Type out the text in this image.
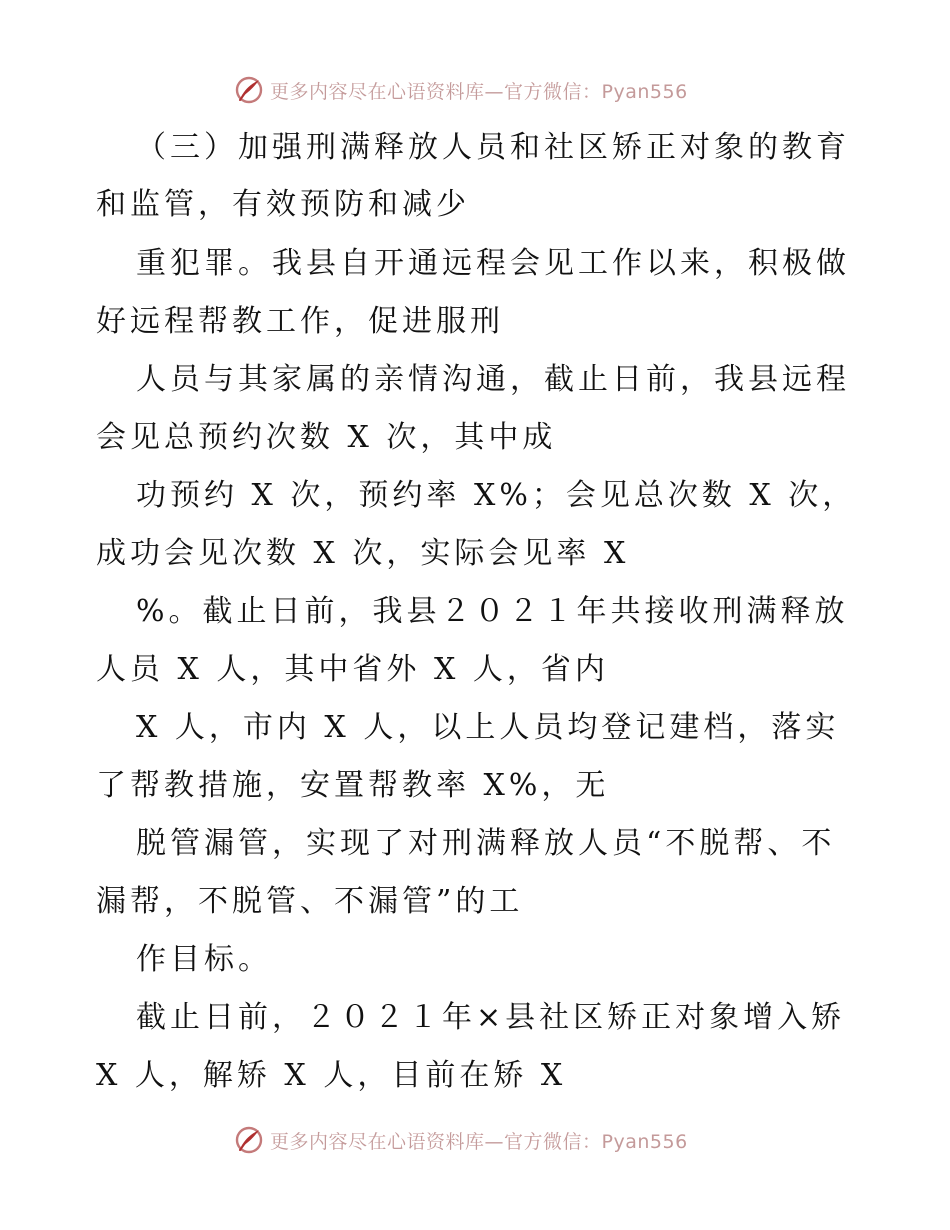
更多内容尽在心语资料库—官方微信：Pyan556
（三）加强刑满释放人员和社区矫正对象的教育
和监管，有效预防和减少
重犯罪。我县自开通远程会见工作以来，积极做
好远程帮教工作，促进服刑
人员与其家属的亲情沟通，截止日前，我县远程
会见总预约次数 X 次，其中成
功预约 X 次，预约率 X%；会见总次数 X 次，
成功会见次数 X 次，实际会见率 X
%。截止日前，我县２０２１年共接收刑满释放
人员 X 人，其中省外 X 人，省内
X 人，市内 X 人，以上人员均登记建档，落实
了帮教措施，安置帮教率 X%，无
脱管漏管，实现了对刑满释放人员“不脱帮、不
漏帮，不脱管、不漏管”的工
作目标。
截止日前，２０２１年×县社区矫正对象增入矫
X 人，解矫 X 人，目前在矫 X
更多内容尽在心语资料库—官方微信：Pyan556
